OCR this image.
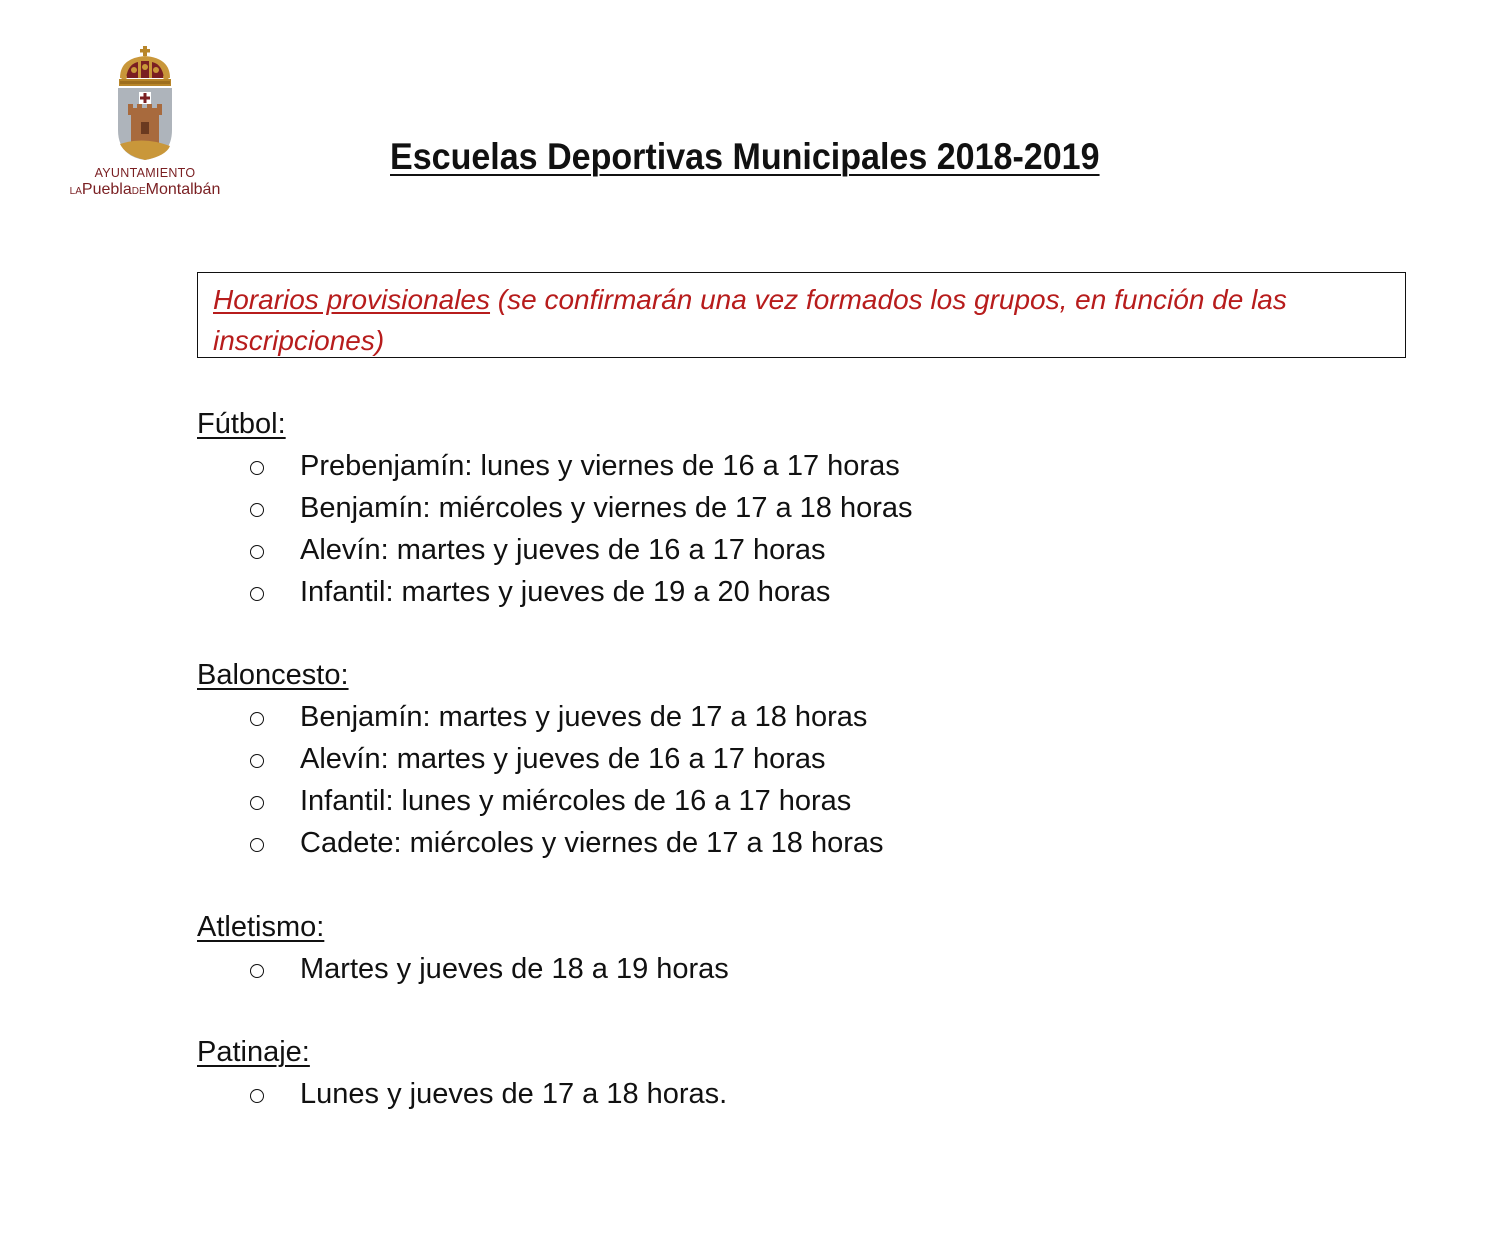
AYUNTAMIENTO
LAPueblaDEMontalbán
Escuelas Deportivas Municipales 2018-2019
Horarios provisionales (se confirmarán una vez formados los grupos, en función de las inscripciones)
Fútbol:
Prebenjamín: lunes y viernes de 16 a 17 horas
Benjamín: miércoles y viernes de 17 a 18 horas
Alevín: martes y jueves de 16 a 17 horas
Infantil: martes y jueves de 19 a 20 horas
Baloncesto:
Benjamín: martes y jueves de 17 a 18 horas
Alevín: martes y jueves de 16 a 17 horas
Infantil: lunes y miércoles de 16 a 17 horas
Cadete: miércoles y viernes de 17 a 18 horas
Atletismo:
Martes y jueves de 18 a 19 horas
Patinaje:
Lunes y jueves de 17 a 18 horas.
